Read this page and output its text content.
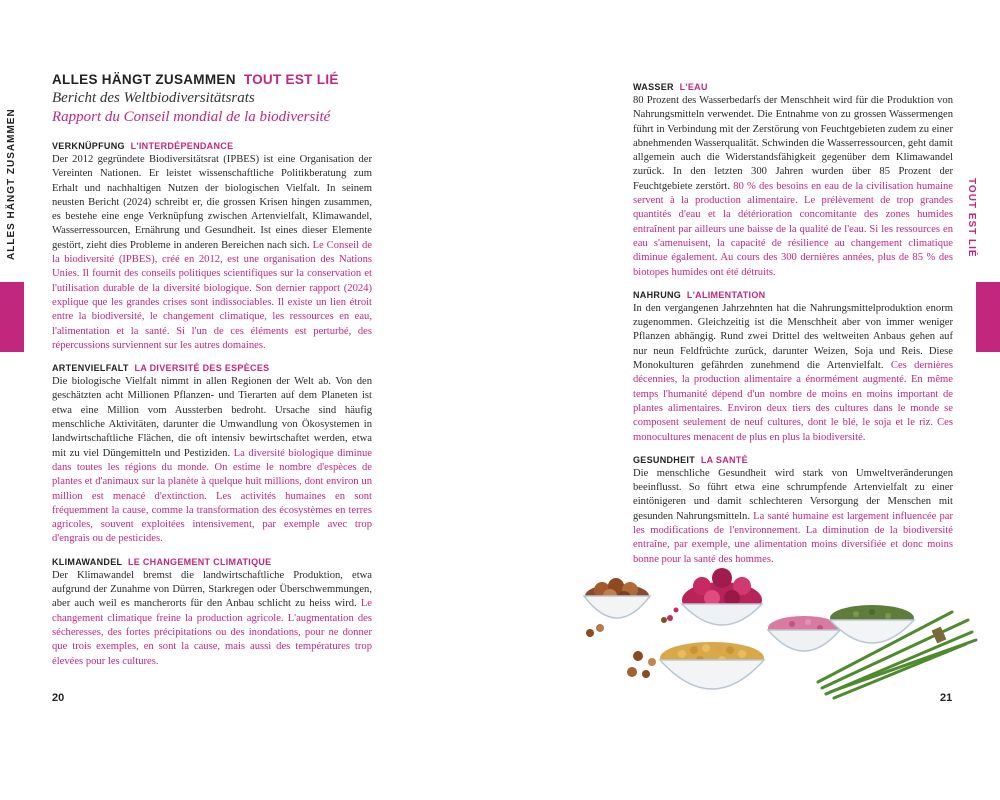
ALLES HÄNGT ZUSAMMEN
ALLES HÄNGT ZUSAMMEN TOUT EST LIÉ
Bericht des Weltbiodiversitätsrats
Rapport du Conseil mondial de la biodiversité
VERKNÜPFUNG L'INTERDÉPENDANCE

Der 2012 gegründete Biodiversitätsrat (IPBES) ist eine Organisation der Vereinten Nationen. Er leistet wissenschaftliche Politikberatung zum Erhalt und nachhaltigen Nutzen der biologischen Vielfalt. In seinem neusten Bericht (2024) schreibt er, die grossen Krisen hingen zusammen, es bestehe eine enge Verknüpfung zwischen Artenvielfalt, Klimawandel, Wasserressourcen, Ernährung und Gesundheit. Ist eines dieser Elemente gestört, zieht dies Probleme in anderen Bereichen nach sich. Le Conseil de la biodiversité (IPBES), créé en 2012, est une organisation des Nations Unies. Il fournit des conseils politiques scientifiques sur la conservation et l'utilisation durable de la diversité biologique. Son dernier rapport (2024) explique que les grandes crises sont indissociables. Il existe un lien étroit entre la biodiversité, le changement climatique, les ressources en eau, l'alimentation et la santé. Si l'un de ces éléments est perturbé, des répercussions surviennent sur les autres domaines.

ARTENVIELFALT LA DIVERSITÉ DES ESPÈCES

Die biologische Vielfalt nimmt in allen Regionen der Welt ab. Von den geschätzten acht Millionen Pflanzen- und Tierarten auf dem Planeten ist etwa eine Million vom Aussterben bedroht. Ursache sind häufig menschliche Aktivitäten, darunter die Umwandlung von Ökosystemen in landwirtschaftliche Flächen, die oft intensiv bewirtschaftet werden, etwa mit zu viel Düngemitteln und Pestiziden. La diversité biologique diminue dans toutes les régions du monde. On estime le nombre d'espèces de plantes et d'animaux sur la planète à quelque huit millions, dont environ un million est menacé d'extinction. Les activités humaines en sont fréquemment la cause, comme la transformation des écosystèmes en terres agricoles, souvent exploitées intensivement, par exemple avec trop d'engrais ou de pesticides.

KLIMAWANDEL LE CHANGEMENT CLIMATIQUE

Der Klimawandel bremst die landwirtschaftliche Produktion, etwa aufgrund der Zunahme von Dürren, Starkregen oder Überschwemmungen, aber auch weil es mancherorts für den Anbau schlicht zu heiss wird. Le changement climatique freine la production agricole. L'augmentation des sécheresses, des fortes précipitations ou des inondations, pour ne donner que trois exemples, en sont la cause, mais aussi des températures trop élevées pour les cultures.

20
TOUT EST LIÉ
WASSER L'EAU

80 Prozent des Wasserbedarfs der Menschheit wird für die Produktion von Nahrungsmitteln verwendet. Die Entnahme von zu grossen Wassermengen führt in Verbindung mit der Zerstörung von Feuchtgebieten zudem zu einer abnehmenden Wasserqualität. Schwinden die Wasserressourcen, geht damit allgemein auch die Widerstandsfähigkeit gegenüber dem Klimawandel zurück. In den letzten 300 Jahren wurden über 85 Prozent der Feuchtgebiete zerstört. 80 % des besoins en eau de la civilisation humaine servent à la production alimentaire. Le prélèvement de trop grandes quantités d'eau et la détérioration concomitante des zones humides entraînent par ailleurs une baisse de la qualité de l'eau. Si les ressources en eau s'amenuisent, la capacité de résilience au changement climatique diminue également. Au cours des 300 dernières années, plus de 85 % des biotopes humides ont été détruits.

NAHRUNG L'ALIMENTATION

In den vergangenen Jahrzehnten hat die Nahrungsmittelproduktion enorm zugenommen. Gleichzeitig ist die Menschheit aber von immer weniger Pflanzen abhängig. Rund zwei Drittel des weltweiten Anbaus gehen auf nur neun Feldfrüchte zurück, darunter Weizen, Soja und Reis. Diese Monokulturen gefährden zunehmend die Artenvielfalt. Ces dernières décennies, la production alimentaire a énormément augmenté. En même temps l'humanité dépend d'un nombre de moins en moins important de plantes alimentaires. Environ deux tiers des cultures dans le monde se composent seulement de neuf cultures, dont le blé, le soja et le riz. Ces monocultures menacent de plus en plus la biodiversité.

GESUNDHEIT LA SANTÉ

Die menschliche Gesundheit wird stark von Umweltveränderungen beeinflusst. So führt etwa eine schrumpfende Artenvielfalt zu einer eintönigeren und damit schlechteren Versorgung der Menschen mit gesunden Nahrungsmitteln. La santé humaine est largement influencée par les modifications de l'environnement. La diminution de la biodiversité entraîne, par exemple, une alimentation moins diversifiée et donc moins bonne pour la santé des hommes.

21
